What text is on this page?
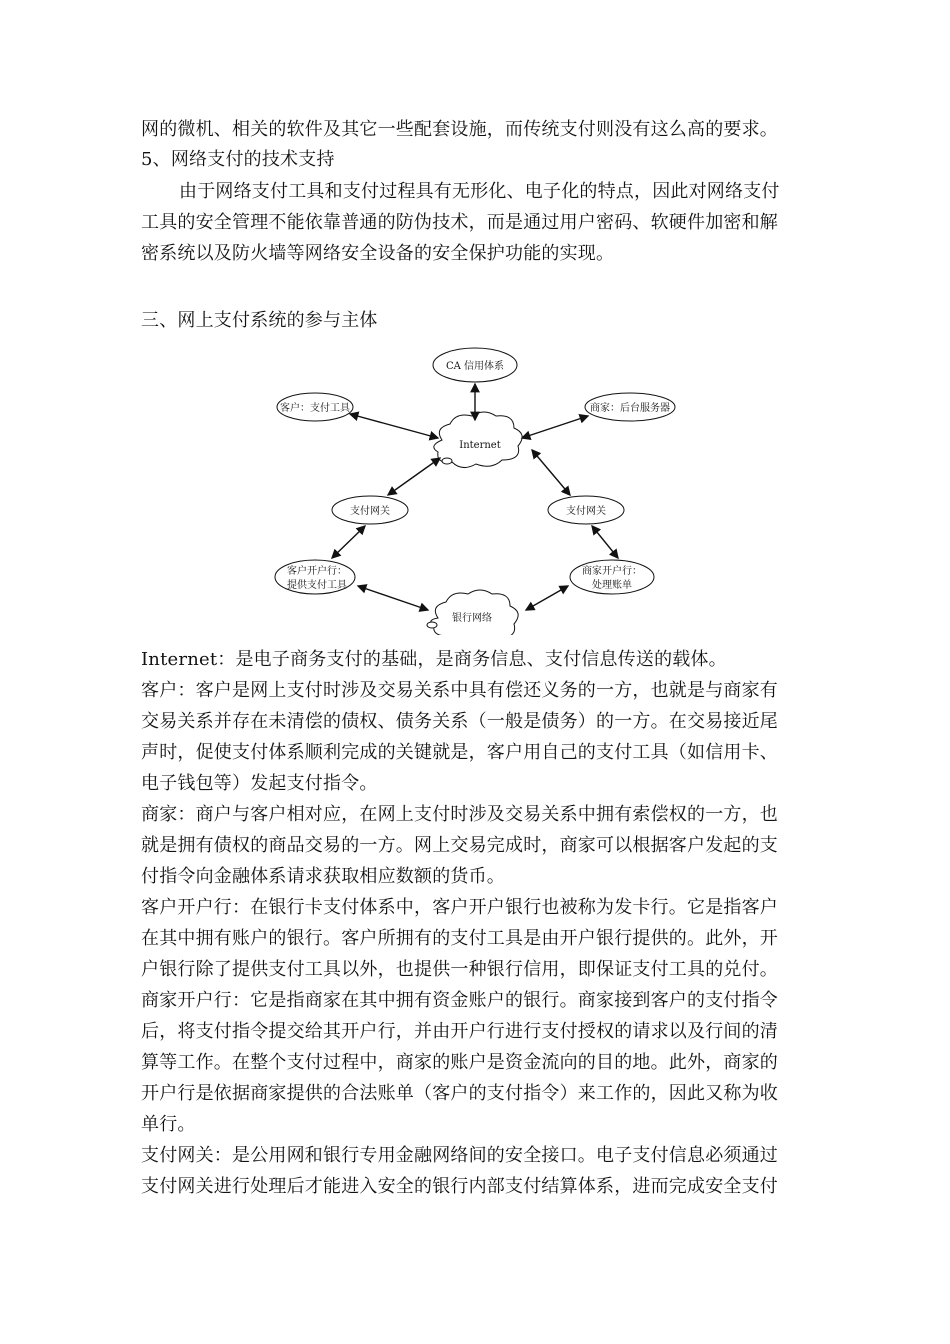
网的微机、相关的软件及其它一些配套设施，而传统支付则没有这么高的要求。
5、网络支付的技术支持
由于网络支付工具和支付过程具有无形化、电子化的特点，因此对网络支付
工具的安全管理不能依靠普通的防伪技术，而是通过用户密码、软硬件加密和解
密系统以及防火墙等网络安全设备的安全保护功能的实现。
三、网上支付系统的参与主体
CA 信用体系
客户：支付工具	商家：后台服务器
Internet
支付网关	支付网关
客户开户行：
提供支付工具
商家开户行：
处理账单
银行网络
Internet：是电子商务支付的基础，是商务信息、支付信息传送的载体。
客户：客户是网上支付时涉及交易关系中具有偿还义务的一方，也就是与商家有
交易关系并存在未清偿的债权、债务关系（一般是债务）的一方。在交易接近尾
声时，促使支付体系顺利完成的关键就是，客户用自己的支付工具（如信用卡、
电子钱包等）发起支付指令。
商家：商户与客户相对应，在网上支付时涉及交易关系中拥有索偿权的一方，也
就是拥有债权的商品交易的一方。网上交易完成时，商家可以根据客户发起的支
付指令向金融体系请求获取相应数额的货币。
客户开户行：在银行卡支付体系中，客户开户银行也被称为发卡行。它是指客户
在其中拥有账户的银行。客户所拥有的支付工具是由开户银行提供的。此外，开
户银行除了提供支付工具以外，也提供一种银行信用，即保证支付工具的兑付。
商家开户行：它是指商家在其中拥有资金账户的银行。商家接到客户的支付指令
后，将支付指令提交给其开户行，并由开户行进行支付授权的请求以及行间的清
算等工作。在整个支付过程中，商家的账户是资金流向的目的地。此外，商家的
开户行是依据商家提供的合法账单（客户的支付指令）来工作的，因此又称为收
单行。
支付网关：是公用网和银行专用金融网络间的安全接口。电子支付信息必须通过
支付网关进行处理后才能进入安全的银行内部支付结算体系，进而完成安全支付
